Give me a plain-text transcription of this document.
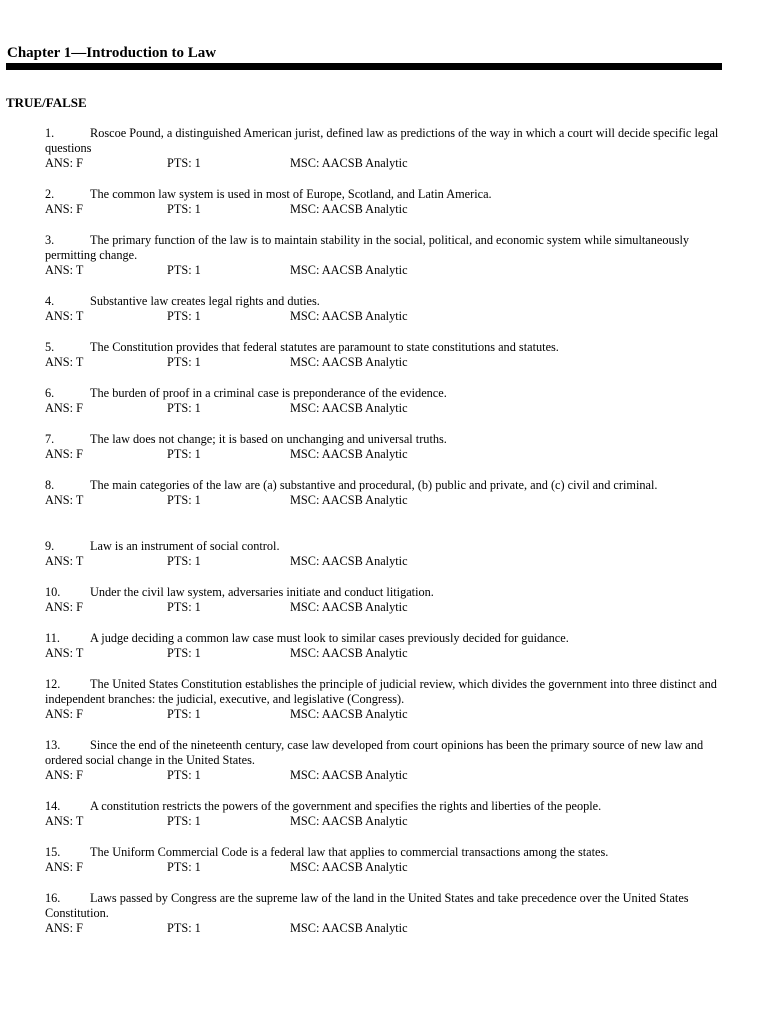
Chapter 1—Introduction to Law
TRUE/FALSE

1.	Roscoe Pound, a distinguished American jurist, defined law as predictions of the way in which a court will decide specific legal questions

ANS: F	PTS: 1	MSC: AACSB Analytic

2.	The common law system is used in most of Europe, Scotland, and Latin America.

ANS: F	PTS: 1	MSC: AACSB Analytic

3.	The primary function of the law is to maintain stability in the social, political, and economic system while simultaneously permitting change.

ANS: T	PTS: 1	MSC: AACSB Analytic

4.	Substantive law creates legal rights and duties.

ANS: T	PTS: 1	MSC: AACSB Analytic

5.	The Constitution provides that federal statutes are paramount to state constitutions and statutes.

ANS: T	PTS: 1	MSC: AACSB Analytic

6.	The burden of proof in a criminal case is preponderance of the evidence.

ANS: F	PTS: 1	MSC: AACSB Analytic

7.	The law does not change; it is based on unchanging and universal truths.

ANS: F	PTS: 1	MSC: AACSB Analytic

8.	The main categories of the law are (a) substantive and procedural, (b) public and private, and (c) civil and criminal.

ANS: T	PTS: 1	MSC: AACSB Analytic

9.	Law is an instrument of social control.

ANS: T	PTS: 1	MSC: AACSB Analytic

10. Under the civil law system, adversaries initiate and conduct litigation.

ANS: F	PTS: 1	MSC: AACSB Analytic

11. A judge deciding a common law case must look to similar cases previously decided for guidance.

ANS: T	PTS: 1	MSC: AACSB Analytic

12. The United States Constitution establishes the principle of judicial review, which divides the government into three distinct and independent branches: the judicial, executive, and legislative (Congress).

ANS: F	PTS: 1	MSC: AACSB Analytic

13. Since the end of the nineteenth century, case law developed from court opinions has been the primary source of new law and ordered social change in the United States.

ANS: F	PTS: 1	MSC: AACSB Analytic

14. A constitution restricts the powers of the government and specifies the rights and liberties of the people.

ANS: T	PTS: 1	MSC: AACSB Analytic

15. The Uniform Commercial Code is a federal law that applies to commercial transactions among the states.

ANS: F	PTS: 1	MSC: AACSB Analytic

16. Laws passed by Congress are the supreme law of the land in the United States and take precedence over the United States Constitution.

ANS: F	PTS: 1	MSC: AACSB Analytic
